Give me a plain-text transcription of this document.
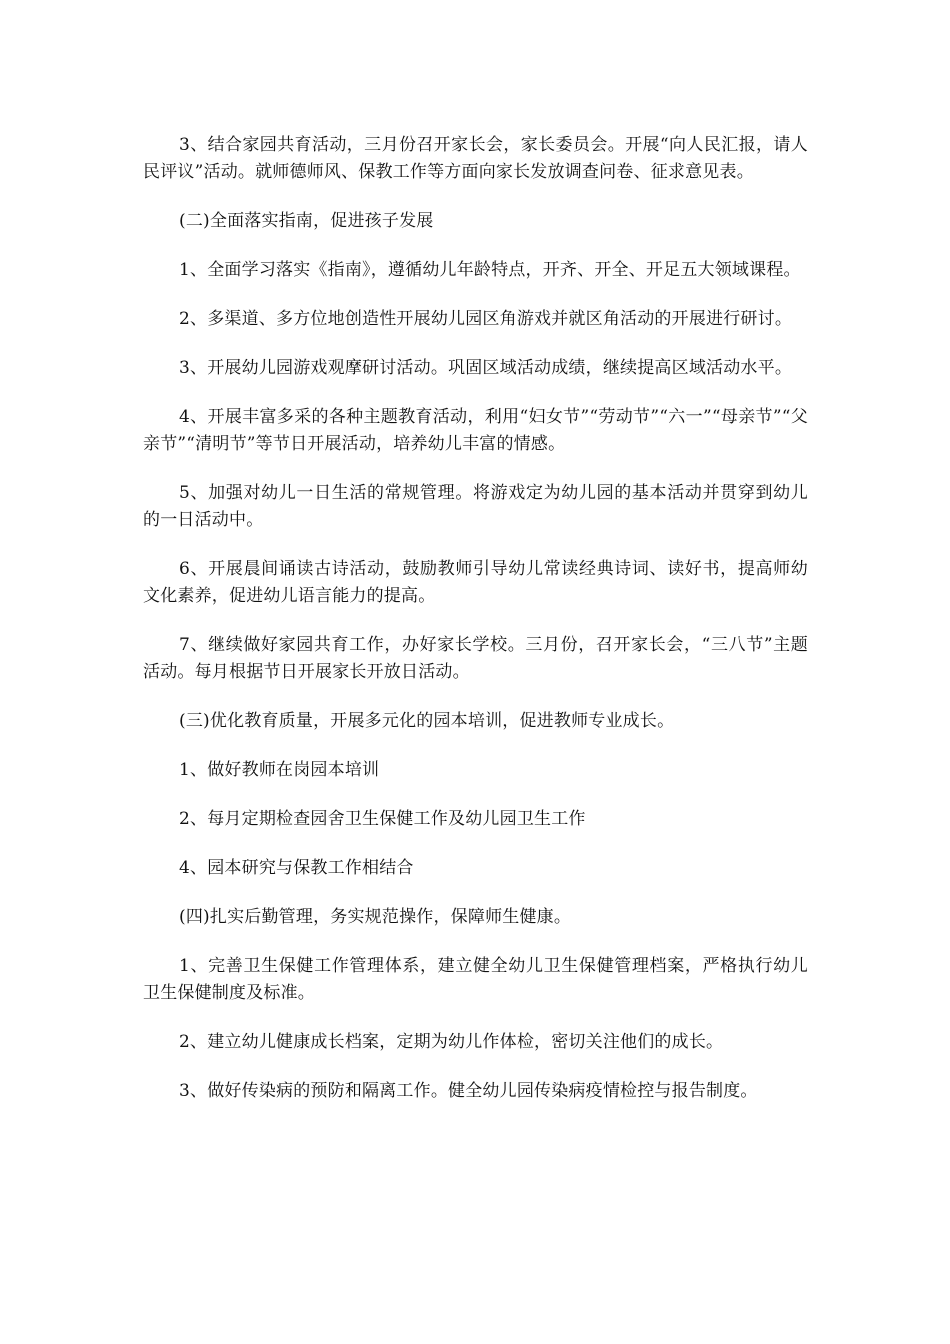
3、结合家园共育活动，三月份召开家长会，家长委员会。开展“向人民汇报，请人民评议”活动。就师德师风、保教工作等方面向家长发放调查问卷、征求意见表。

(二)全面落实指南，促进孩子发展

1、全面学习落实《指南》，遵循幼儿年龄特点，开齐、开全、开足五大领域课程。

2、多渠道、多方位地创造性开展幼儿园区角游戏并就区角活动的开展进行研讨。

3、开展幼儿园游戏观摩研讨活动。巩固区域活动成绩，继续提高区域活动水平。

4、开展丰富多采的各种主题教育活动，利用“妇女节”“劳动节”“六一”“母亲节”“父亲节”“清明节”等节日开展活动，培养幼儿丰富的情感。

5、加强对幼儿一日生活的常规管理。将游戏定为幼儿园的基本活动并贯穿到幼儿的一日活动中。

6、开展晨间诵读古诗活动，鼓励教师引导幼儿常读经典诗词、读好书，提高师幼文化素养，促进幼儿语言能力的提高。

7、继续做好家园共育工作，办好家长学校。三月份，召开家长会，“三八节”主题活动。每月根据节日开展家长开放日活动。

(三)优化教育质量，开展多元化的园本培训，促进教师专业成长。

1、做好教师在岗园本培训

2、每月定期检查园舍卫生保健工作及幼儿园卫生工作

4、园本研究与保教工作相结合

(四)扎实后勤管理，务实规范操作，保障师生健康。

1、完善卫生保健工作管理体系，建立健全幼儿卫生保健管理档案，严格执行幼儿卫生保健制度及标准。

2、建立幼儿健康成长档案，定期为幼儿作体检，密切关注他们的成长。

3、做好传染病的预防和隔离工作。健全幼儿园传染病疫情检控与报告制度。
